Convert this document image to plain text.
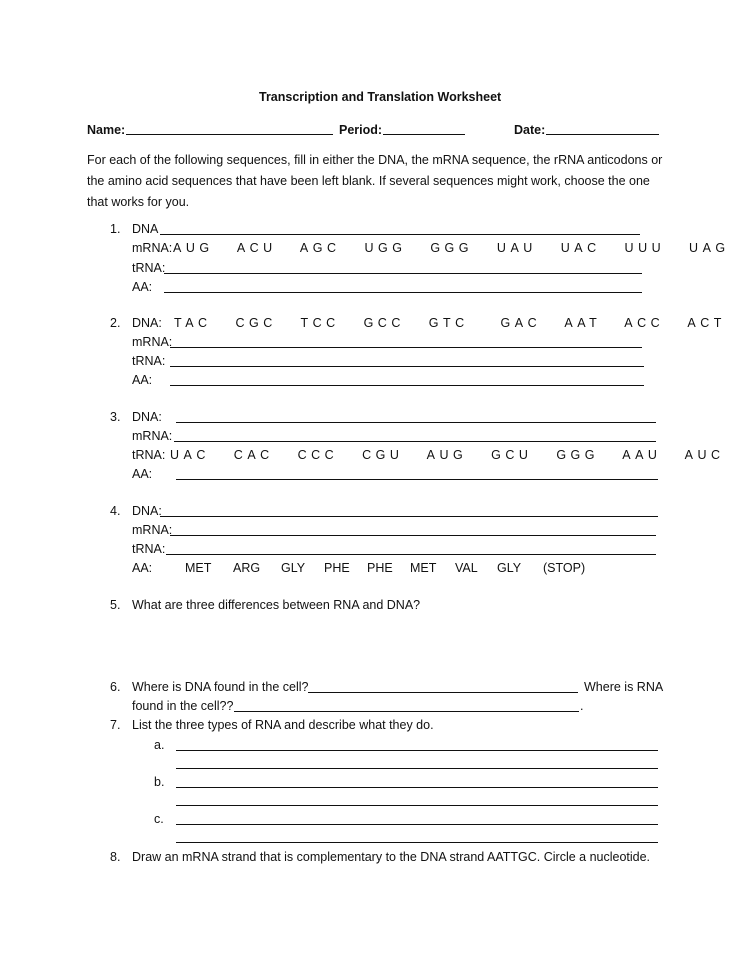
Transcription and Translation Worksheet
Name:	Period:	Date:
For each of the following sequences, fill in either the DNA, the mRNA sequence, the rRNA anticodons or the amino acid sequences that have been left blank. If several sequences might work, choose the one that works for you.
1. DNA
mRNA: AUG   ACU   AGC   UGG   GGG   UAU   UAC   UUU   UAG
tRNA:
AA:
2. DNA: TAC   CGC   TCC   GCC   GTC    GAC   AAT   ACC   ACT
mRNA:
tRNA:
AA:
3. DNA:
mRNA:
tRNA: UAC   CAC   CCC   CGU   AUG   GCU   GGG   AAU   AUC
AA:
4. DNA:
mRNA:
tRNA:
AA:	MET ARG GLY PHE PHE MET VAL GLY (STOP)
5. What are three differences between RNA and DNA?
6. Where is DNA found in the cell?	Where is RNA
found in the cell??	.
7. List the three types of RNA and describe what they do.
a.
b.
c.
8. Draw an mRNA strand that is complementary to the DNA strand AATTGC. Circle a nucleotide.
